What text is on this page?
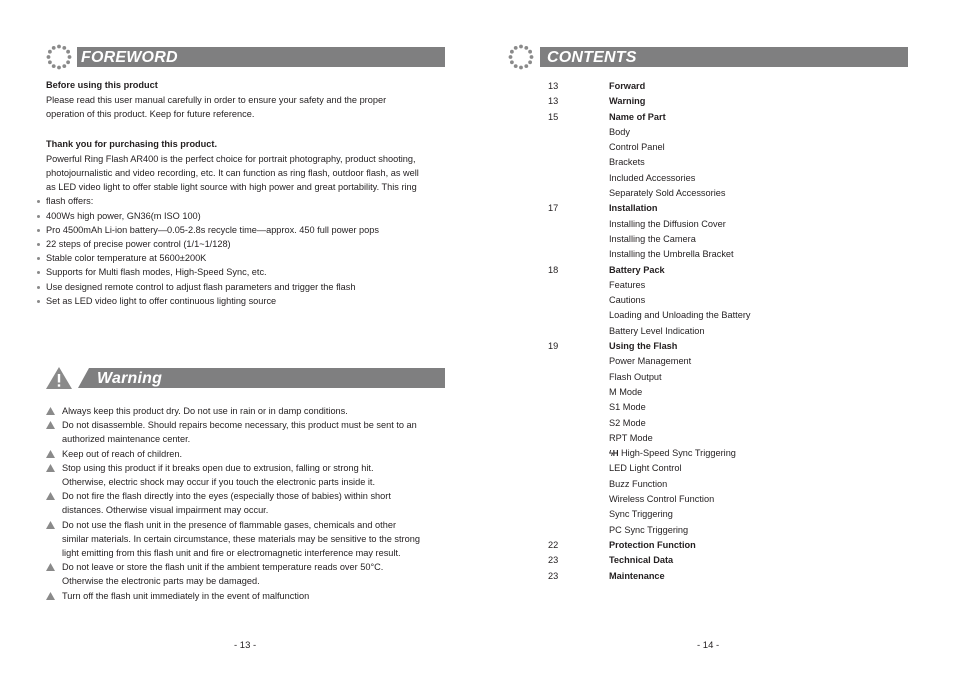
FOREWORD
Before using this product
Please read this user manual carefully in order to ensure your safety and the proper
operation of this product. Keep for future reference.
Thank you for purchasing this product.
Powerful Ring Flash AR400 is the perfect choice for portrait photography, product shooting,
photojournalistic and video recording, etc. It can function as ring flash, outdoor flash, as well
as LED video light to offer stable light source with high power and great portability. This ring
flash offers:
400Ws high power, GN36(m ISO 100)
Pro 4500mAh Li-ion battery—0.05-2.8s recycle time—approx. 450 full power pops
22 steps of precise power control (1/1~1/128)
Stable color temperature at 5600±200K
Supports for Multi flash modes, High-Speed Sync, etc.
Use designed remote control to adjust flash parameters and trigger the flash
Set as LED video light to offer continuous lighting source
Warning
Always keep this product dry. Do not use in rain or in damp conditions.
Do not disassemble. Should repairs become necessary, this product must be sent to an
authorized maintenance center.
Keep out of reach of children.
Stop using this product if it breaks open due to extrusion, falling or strong hit.
Otherwise, electric shock may occur if you touch the electronic parts inside it.
Do not fire the flash directly into the eyes (especially those of babies) within short
distances. Otherwise visual impairment may occur.
Do not use the flash unit in the presence of flammable gases, chemicals and other
similar materials. In certain circumstance, these materials may be sensitive to the strong
light emitting from this flash unit and fire or electromagnetic interference may result.
Do not leave or store the flash unit if the ambient temperature reads over 50°C.
Otherwise the electronic parts may be damaged.
Turn off the flash unit immediately in the event of malfunction
- 13 -
CONTENTS
13	Forward
13	Warning
15	Name of Part
Body
Control Panel
Brackets
Included Accessories
Separately Sold Accessories
17	Installation
Installing the Diffusion Cover
Installing the Camera
Installing the Umbrella Bracket
18	Battery Pack
Features
Cautions
Loading and Unloading the Battery
Battery Level Indication
19	Using the Flash
Power Management
Flash Output
M Mode
S1 Mode
S2 Mode
RPT Mode
ϟH High-Speed Sync Triggering
LED Light Control
Buzz Function
Wireless Control Function
Sync Triggering
PC Sync Triggering
22	Protection Function
23	Technical Data
23	Maintenance
- 14 -
